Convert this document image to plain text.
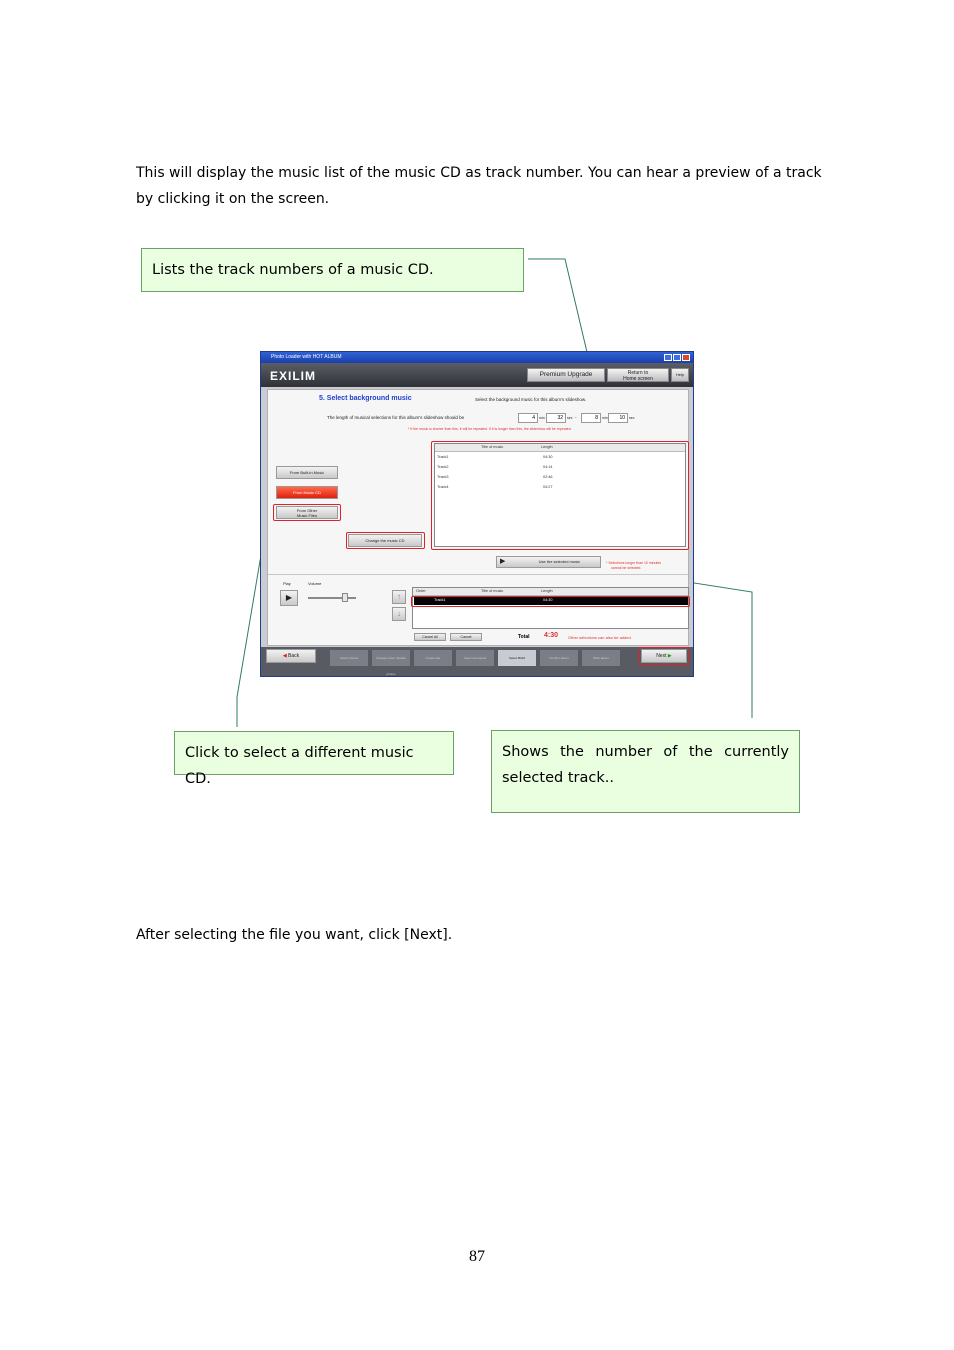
This will display the music list of the music CD as track number. You can hear a preview of a track
by clicking it on the screen.
Lists the track numbers of a music CD.
Click to select a different music CD.
Shows the number of the currently
selected track..
Photo Loader with HOT ALBUM
EXILIM	Premium Upgrade	Return to
Home screen
Help
5. Select background music	Select the background music for this album's slideshow.
The length of musical selections for this album's slideshow should be	4	min	32	sec -	8	min	10	sec
* If the music is shorter than this, it will be repeated. If it is longer than this, the slideshow will be repeated.
From Built-in Music
From Music CD
From Other
Music Files
Title of music	Length
Track1	04:30
Track2	04:14
Track3	02:46
Track4	04:27
Change the music CD
▶	Use the selected music	* Selections longer than 10 minutes
cannot be selected.
Play	Volume
▶	↑
↓
Order	Title of music	Length
Track1	04:30
Cancel All	Cancel	Total 4:30 Other selections can also be added.
◀ Back	Select photos	Change order / Rotate photos
Create title	Insert comments	Select BGM	Confirm album	Write album	Next ▶
After selecting the file you want, click [Next].
87
